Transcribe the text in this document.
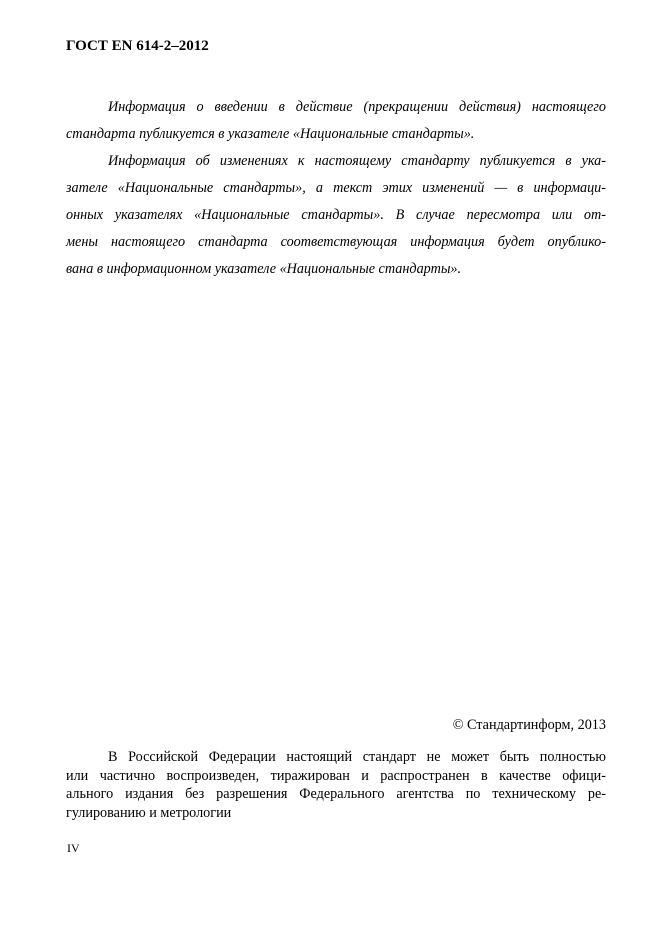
ГОСТ EN 614-2–2012
Информация о введении в действие (прекращении действия) настоящего
стандарта публикуется в указателе «Национальные стандарты».
Информация об изменениях к настоящему стандарту публикуется в ука-
зателе «Национальные стандарты», а текст этих изменений — в информаци-
онных указателях «Национальные стандарты». В случае пересмотра или от-
мены настоящего стандарта соответствующая информация будет опублико-
вана в информационном указателе «Национальные стандарты».
© Стандартинформ, 2013
В Российской Федерации настоящий стандарт не может быть полностью
или частично воспроизведен, тиражирован и распространен в качестве офици-
ального издания без разрешения Федерального агентства по техническому ре-
гулированию и метрологии
IV
